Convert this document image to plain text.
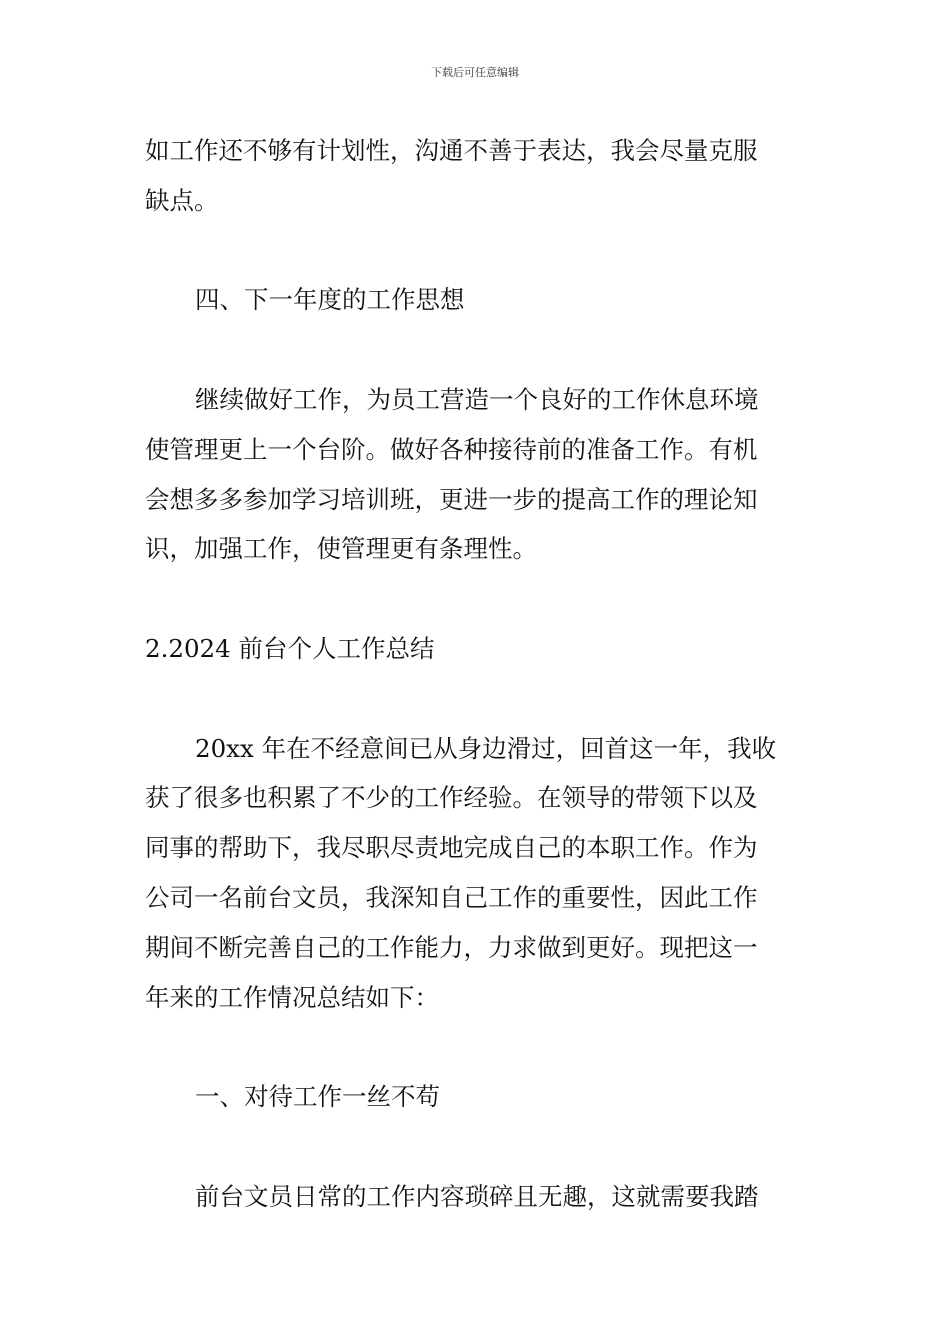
下载后可任意编辑

如工作还不够有计划性，沟通不善于表达，我会尽量克服

缺点。

四、下一年度的工作思想

继续做好工作，为员工营造一个良好的工作休息环境

使管理更上一个台阶。做好各种接待前的准备工作。有机

会想多多参加学习培训班，更进一步的提高工作的理论知

识，加强工作，使管理更有条理性。

2.2024 前台个人工作总结

20xx 年在不经意间已从身边滑过，回首这一年，我收

获了很多也积累了不少的工作经验。在领导的带领下以及

同事的帮助下，我尽职尽责地完成自己的本职工作。作为

公司一名前台文员，我深知自己工作的重要性，因此工作

期间不断完善自己的工作能力，力求做到更好。现把这一

年来的工作情况总结如下：

一、对待工作一丝不苟

前台文员日常的工作内容琐碎且无趣，这就需要我踏
